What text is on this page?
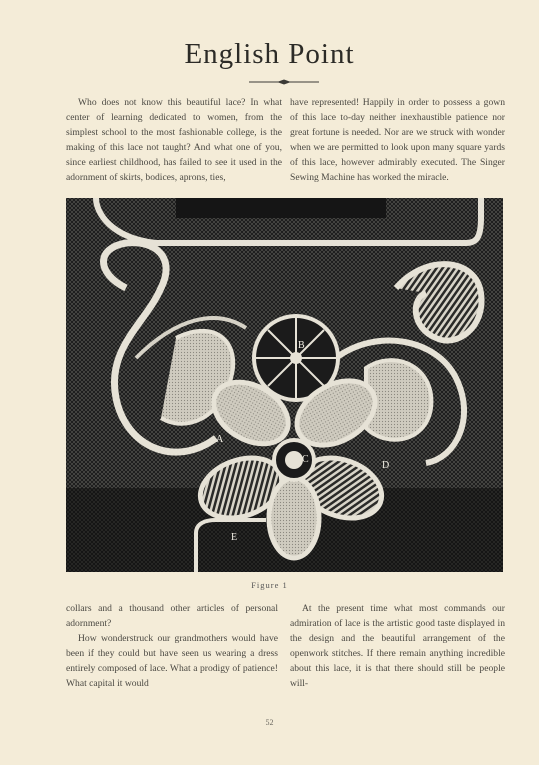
English Point

Who does not know this beautiful lace? In what center of learning dedicated to women, from the simplest school to the most fashionable college, is the making of this lace not taught? And what one of you, since earliest childhood, has failed to see it used in the adornment of skirts, bodices, aprons, ties,

have represented! Happily in order to possess a gown of this lace to-day neither inexhaustible patience nor great fortune is needed. Nor are we struck with wonder when we are permitted to look upon many square yards of this lace, however admirably executed. The Singer Sewing Machine has worked the miracle.

A
B
C
D
E
Figure 1

collars and a thousand other articles of personal adornment?

How wonderstruck our grandmothers would have been if they could but have seen us wearing a dress entirely composed of lace. What a prodigy of patience! What capital it would

At the present time what most commands our admiration of lace is the artistic good taste displayed in the design and the beautiful arrangement of the openwork stitches. If there remain anything incredible about this lace, it is that there should still be people will-

52
